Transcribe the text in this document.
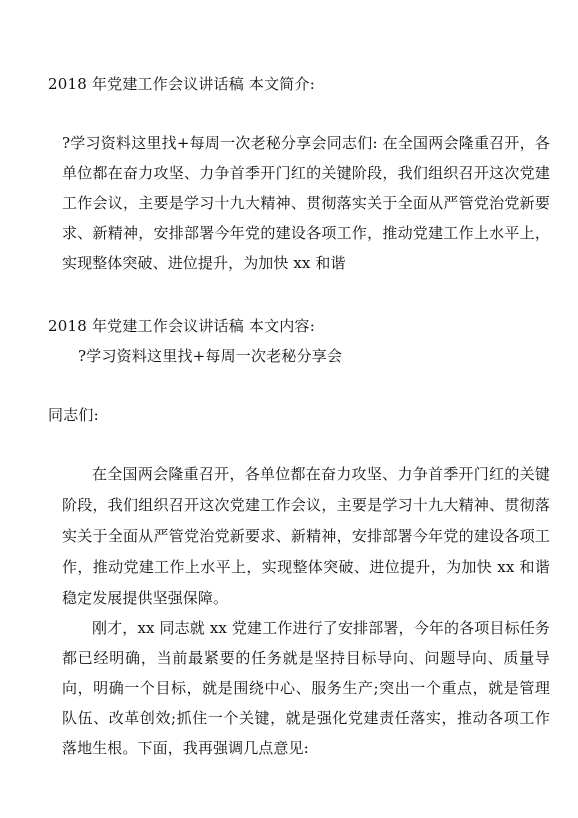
2018 年党建工作会议讲话稿 本文简介:
?学习资料这里找+每周一次老秘分享会同志们: 在全国两会隆重召开，各单位都在奋力攻坚、力争首季开门红的关键阶段，我们组织召开这次党建工作会议，主要是学习十九大精神、贯彻落实关于全面从严管党治党新要求、新精神，安排部署今年党的建设各项工作，推动党建工作上水平上，实现整体突破、进位提升，为加快 xx 和谐
2018 年党建工作会议讲话稿 本文内容:
?学习资料这里找+每周一次老秘分享会
同志们:
在全国两会隆重召开，各单位都在奋力攻坚、力争首季开门红的关键阶段，我们组织召开这次党建工作会议，主要是学习十九大精神、贯彻落实关于全面从严管党治党新要求、新精神，安排部署今年党的建设各项工作，推动党建工作上水平上，实现整体突破、进位提升，为加快 xx 和谐稳定发展提供坚强保障。
刚才，xx 同志就 xx 党建工作进行了安排部署，今年的各项目标任务都已经明确，当前最紧要的任务就是坚持目标导向、问题导向、质量导向，明确一个目标，就是围绕中心、服务生产;突出一个重点，就是管理队伍、改革创效;抓住一个关键，就是强化党建责任落实，推动各项工作落地生根。下面，我再强调几点意见:
